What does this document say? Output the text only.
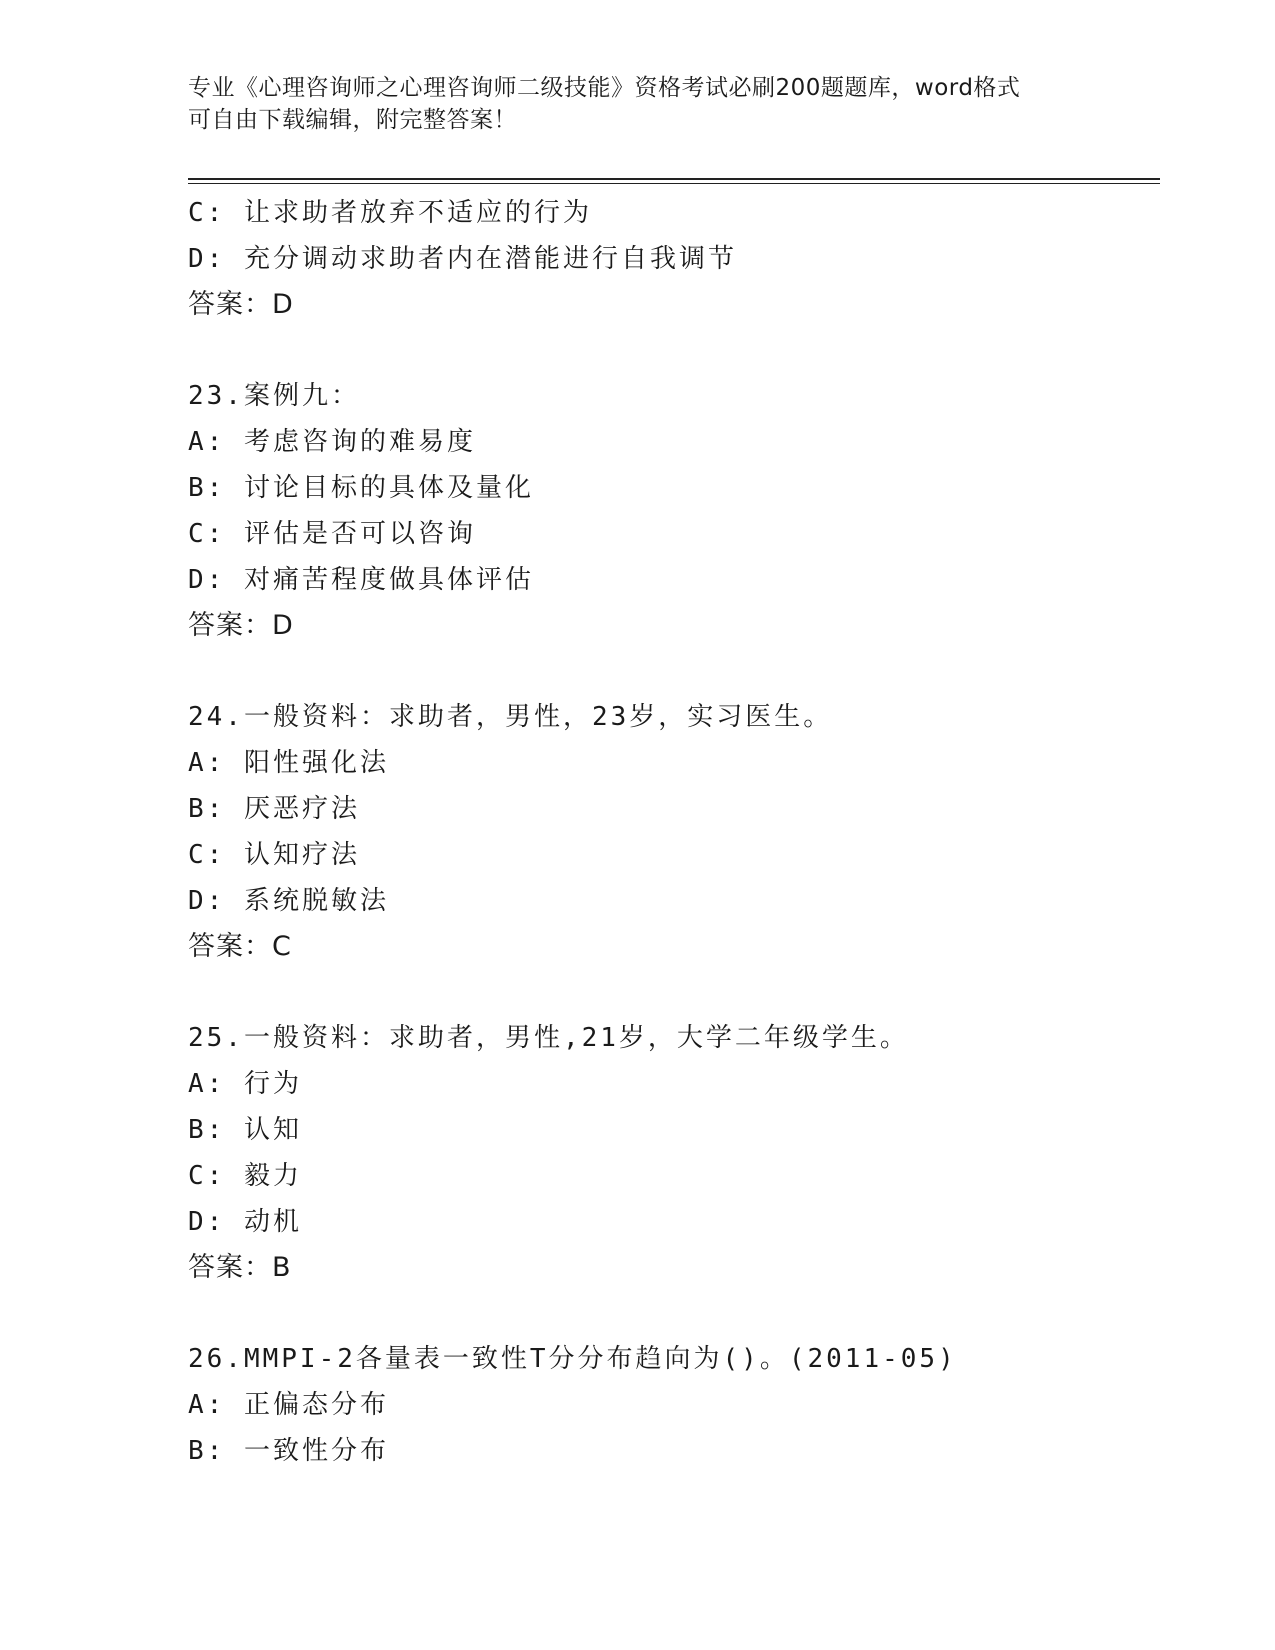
专业《心理咨询师之心理咨询师二级技能》资格考试必刷200题题库，word格式
可自由下载编辑，附完整答案！
C: 让求助者放弃不适应的行为
D: 充分调动求助者内在潜能进行自我调节
答案：D
23.案例九：
A: 考虑咨询的难易度
B: 讨论目标的具体及量化
C: 评估是否可以咨询
D: 对痛苦程度做具体评估
答案：D
24.一般资料：求助者，男性，23岁，实习医生。
A: 阳性强化法
B: 厌恶疗法
C: 认知疗法
D: 系统脱敏法
答案：C
25.一般资料：求助者，男性,21岁，大学二年级学生。
A: 行为
B: 认知
C: 毅力
D: 动机
答案：B
26.MMPI-2各量表一致性T分分布趋向为()。(2011-05)
A: 正偏态分布
B: 一致性分布
